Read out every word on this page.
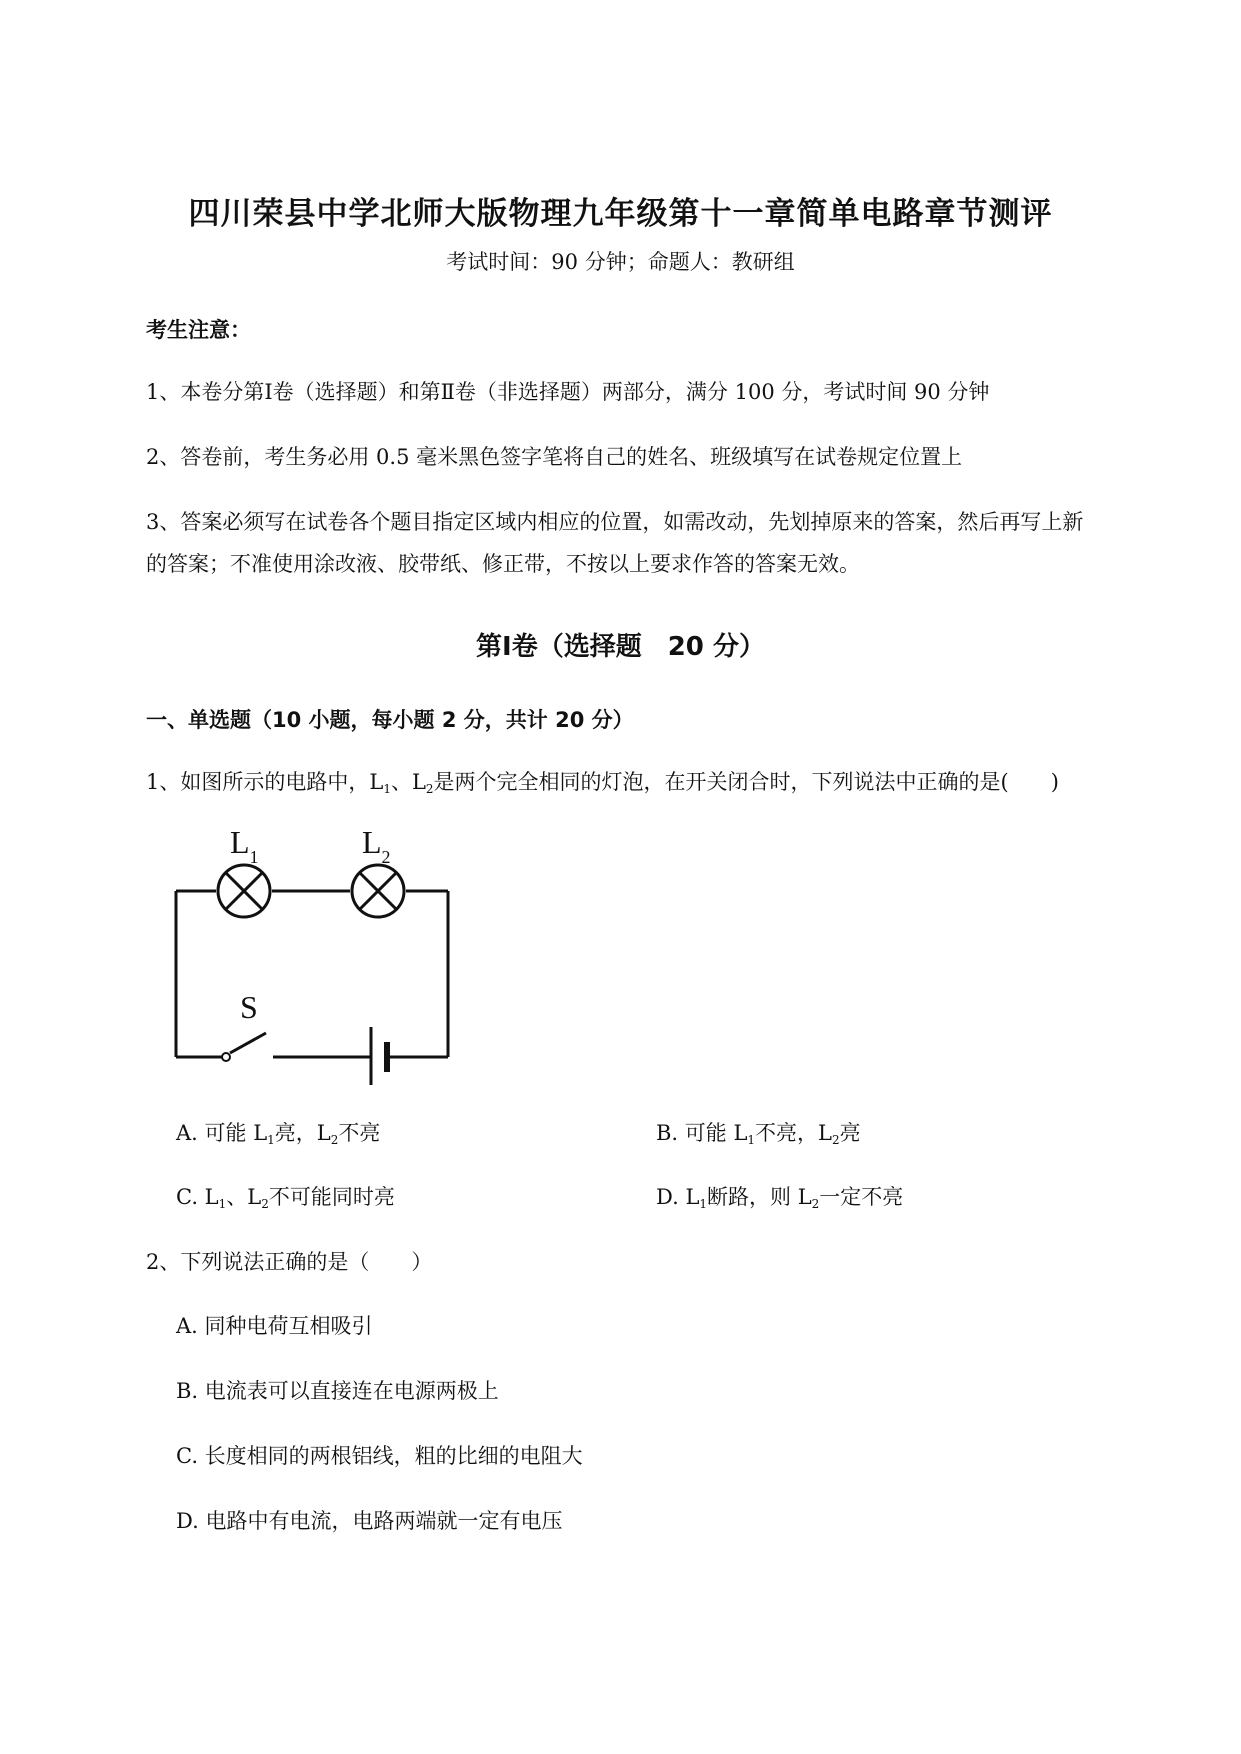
四川荣县中学北师大版物理九年级第十一章简单电路章节测评
考试时间：90 分钟；命题人：教研组
考生注意：
1、本卷分第Ⅰ卷（选择题）和第Ⅱ卷（非选择题）两部分，满分 100 分，考试时间 90 分钟
2、答卷前，考生务必用 0.5 毫米黑色签字笔将自己的姓名、班级填写在试卷规定位置上
3、答案必须写在试卷各个题目指定区域内相应的位置，如需改动，先划掉原来的答案，然后再写上新
的答案；不准使用涂改液、胶带纸、修正带，不按以上要求作答的答案无效。
第Ⅰ卷（选择题　20 分）
一、单选题（10 小题，每小题 2 分，共计 20 分）
1、如图所示的电路中，$L_1$、$L_2$是两个完全相同的灯泡，在开关闭合时，下列说法中正确的是(　　)
$L_1$	$L_2$
S
A. 可能 $L_1$亮，$L_2$不亮	B. 可能 $L_1$不亮，$L_2$亮
C. $L_1$、$L_2$不可能同时亮	D. $L_1$断路，则 $L_2$一定不亮
2、下列说法正确的是（　　）
A. 同种电荷互相吸引
B. 电流表可以直接连在电源两极上
C. 长度相同的两根铝线，粗的比细的电阻大
D. 电路中有电流，电路两端就一定有电压
